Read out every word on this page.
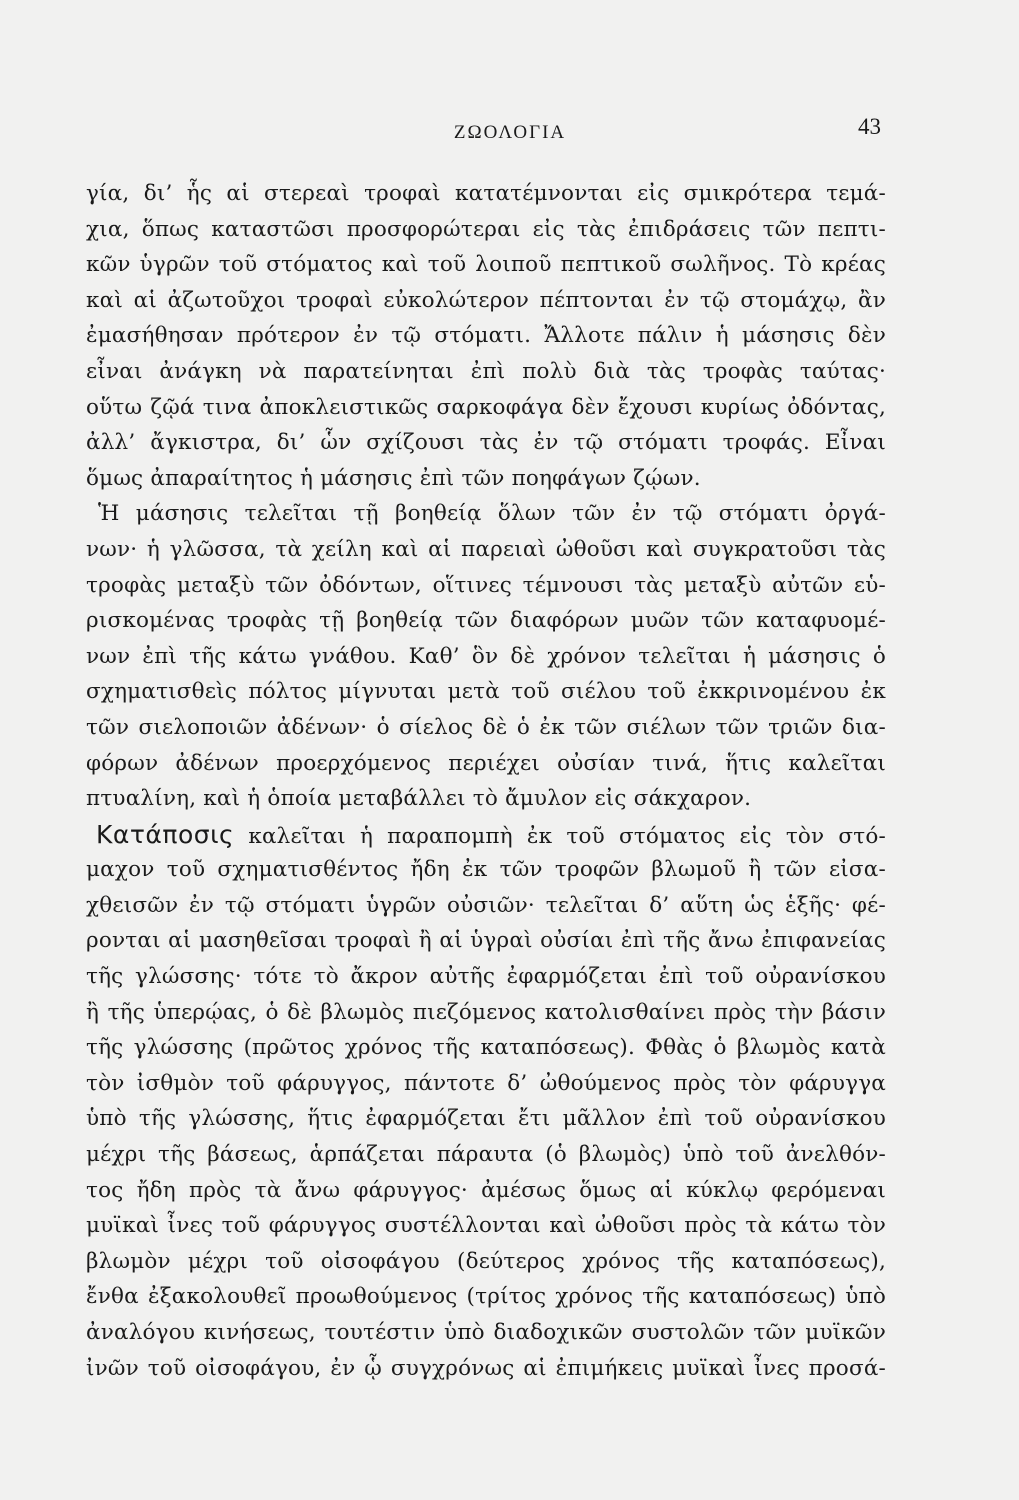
ΖΩΟΛΟΓΙΑ	43
γία, δι’ ἧς αἱ στερεαὶ τροφαὶ κατατέμνονται εἰς σμικρότερα τεμά-
χια, ὅπως καταστῶσι προσφορώτεραι εἰς τὰς ἐπιδράσεις τῶν πεπτι-
κῶν ὑγρῶν τοῦ στόματος καὶ τοῦ λοιποῦ πεπτικοῦ σωλῆνος. Τὸ κρέας
καὶ αἱ ἀζωτοῦχοι τροφαὶ εὐκολώτερον πέπτονται ἐν τῷ στομάχῳ, ἂν
ἐμασήθησαν πρότερον ἐν τῷ στόματι. Ἄλλοτε πάλιν ἡ μάσησις δὲν
εἶναι ἀνάγκη νὰ παρατείνηται ἐπὶ πολὺ διὰ τὰς τροφὰς ταύτας·
οὕτω ζῷά τινα ἀποκλειστικῶς σαρκοφάγα δὲν ἔχουσι κυρίως ὀδόντας,
ἀλλ’ ἄγκιστρα, δι’ ὧν σχίζουσι τὰς ἐν τῷ στόματι τροφάς. Εἶναι
ὅμως ἀπαραίτητος ἡ μάσησις ἐπὶ τῶν ποηφάγων ζῴων.
Ἡ μάσησις τελεῖται τῇ βοηθείᾳ ὅλων τῶν ἐν τῷ στόματι ὀργά-
νων· ἡ γλῶσσα, τὰ χείλη καὶ αἱ παρειαὶ ὠθοῦσι καὶ συγκρατοῦσι τὰς
τροφὰς μεταξὺ τῶν ὀδόντων, οἵτινες τέμνουσι τὰς μεταξὺ αὐτῶν εὑ-
ρισκομένας τροφὰς τῇ βοηθείᾳ τῶν διαφόρων μυῶν τῶν καταφυομέ-
νων ἐπὶ τῆς κάτω γνάθου. Καθ’ ὃν δὲ χρόνον τελεῖται ἡ μάσησις ὁ
σχηματισθεὶς πόλτος μίγνυται μετὰ τοῦ σιέλου τοῦ ἐκκρινομένου ἐκ
τῶν σιελοποιῶν ἀδένων· ὁ σίελος δὲ ὁ ἐκ τῶν σιέλων τῶν τριῶν δια-
φόρων ἀδένων προερχόμενος περιέχει οὐσίαν τινά, ἥτις καλεῖται
πτυαλίνη, καὶ ἡ ὁποία μεταβάλλει τὸ ἄμυλον εἰς σάκχαρον.
Κατάποσις καλεῖται ἡ παραπομπὴ ἐκ τοῦ στόματος εἰς τὸν στό-
μαχον τοῦ σχηματισθέντος ἤδη ἐκ τῶν τροφῶν βλωμοῦ ἢ τῶν εἰσα-
χθεισῶν ἐν τῷ στόματι ὑγρῶν οὐσιῶν· τελεῖται δ’ αὕτη ὡς ἑξῆς· φέ-
ρονται αἱ μασηθεῖσαι τροφαὶ ἢ αἱ ὑγραὶ οὐσίαι ἐπὶ τῆς ἄνω ἐπιφανείας
τῆς γλώσσης· τότε τὸ ἄκρον αὐτῆς ἐφαρμόζεται ἐπὶ τοῦ οὐρανίσκου
ἢ τῆς ὑπερῴας, ὁ δὲ βλωμὸς πιεζόμενος κατολισθαίνει πρὸς τὴν βάσιν
τῆς γλώσσης (πρῶτος χρόνος τῆς καταπόσεως). Φθὰς ὁ βλωμὸς κατὰ
τὸν ἰσθμὸν τοῦ φάρυγγος, πάντοτε δ’ ὠθούμενος πρὸς τὸν φάρυγγα
ὑπὸ τῆς γλώσσης, ἥτις ἐφαρμόζεται ἔτι μᾶλλον ἐπὶ τοῦ οὐρανίσκου
μέχρι τῆς βάσεως, ἁρπάζεται πάραυτα (ὁ βλωμὸς) ὑπὸ τοῦ ἀνελθόν-
τος ἤδη πρὸς τὰ ἄνω φάρυγγος· ἀμέσως ὅμως αἱ κύκλῳ φερόμεναι
μυϊκαὶ ἶνες τοῦ φάρυγγος συστέλλονται καὶ ὠθοῦσι πρὸς τὰ κάτω τὸν
βλωμὸν μέχρι τοῦ οἰσοφάγου (δεύτερος χρόνος τῆς καταπόσεως),
ἔνθα ἐξακολουθεῖ προωθούμενος (τρίτος χρόνος τῆς καταπόσεως) ὑπὸ
ἀναλόγου κινήσεως, τουτέστιν ὑπὸ διαδοχικῶν συστολῶν τῶν μυϊκῶν
ἰνῶν τοῦ οἰσοφάγου, ἐν ᾧ συγχρόνως αἱ ἐπιμήκεις μυϊκαὶ ἶνες προσά-
